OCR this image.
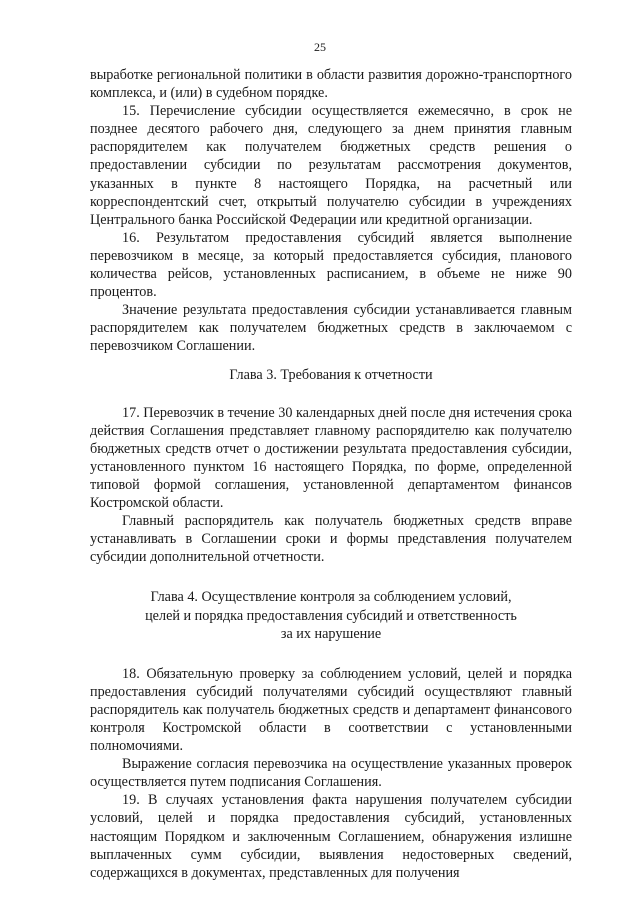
25

выработке региональной политики в области развития дорожно-транспортного комплекса, и (или) в судебном порядке.

15. Перечисление субсидии осуществляется ежемесячно, в срок не позднее десятого рабочего дня, следующего за днем принятия главным распорядителем как получателем бюджетных средств решения о предоставлении субсидии по результатам рассмотрения документов, указанных в пункте 8 настоящего Порядка, на расчетный или корреспондентский счет, открытый получателю субсидии в учреждениях Центрального банка Российской Федерации или кредитной организации.

16. Результатом предоставления субсидий является выполнение перевозчиком в месяце, за который предоставляется субсидия, планового количества рейсов, установленных расписанием, в объеме не ниже 90 процентов.

Значение результата предоставления субсидии устанавливается главным распорядителем как получателем бюджетных средств в заключаемом с перевозчиком Соглашении.

Глава 3. Требования к отчетности

17. Перевозчик в течение 30 календарных дней после дня истечения срока действия Соглашения представляет главному распорядителю как получателю бюджетных средств отчет о достижении результата предоставления субсидии, установленного пунктом 16 настоящего Порядка, по форме, определенной типовой формой соглашения, установленной департаментом финансов Костромской области.

Главный распорядитель как получатель бюджетных средств вправе устанавливать в Соглашении сроки и формы представления получателем субсидии дополнительной отчетности.

Глава 4. Осуществление контроля за соблюдением условий,
целей и порядка предоставления субсидий и ответственность
за их нарушение

18. Обязательную проверку за соблюдением условий, целей и порядка предоставления субсидий получателями субсидий осуществляют главный распорядитель как получатель бюджетных средств и департамент финансового контроля Костромской области в соответствии с установленными полномочиями.

Выражение согласия перевозчика на осуществление указанных проверок осуществляется путем подписания Соглашения.

19. В случаях установления факта нарушения получателем субсидии условий, целей и порядка предоставления субсидий, установленных настоящим Порядком и заключенным Соглашением, обнаружения излишне выплаченных сумм субсидии, выявления недостоверных сведений, содержащихся в документах, представленных для получения
